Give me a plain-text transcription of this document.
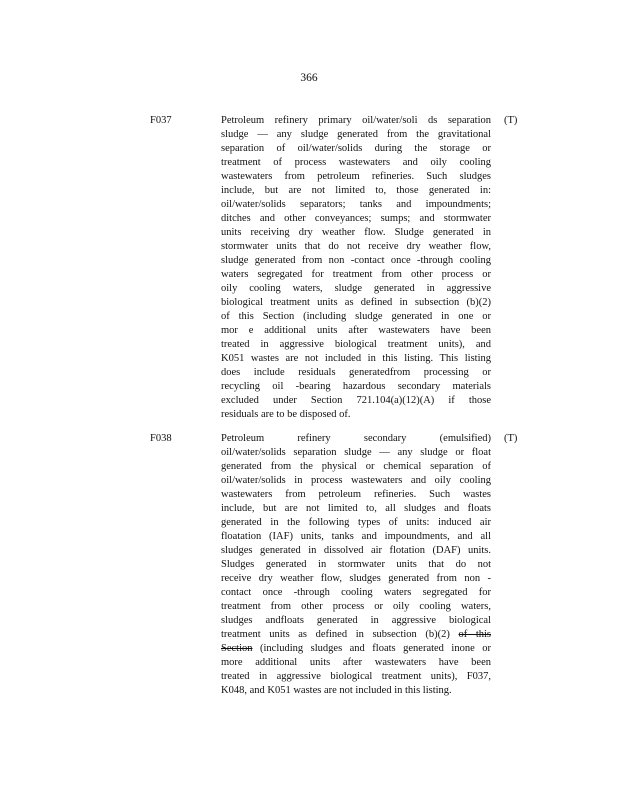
366
F037	Petroleum refinery primary oil/water/soli ds separation
sludge — any sludge generated from the gravitational
separation of oil/water/solids during the storage or
treatment of process wastewaters and oily cooling
wastewaters from petroleum refineries. Such sludges
include, but are not limited to, those generated in:
oil/water/solids separators; tanks and impoundments;
ditches and other conveyances; sumps; and stormwater
units receiving dry weather flow. Sludge generated in
stormwater units that do not receive dry weather flow,
sludge generated from non -contact once -through cooling
waters segregated for treatment from other process or
oily cooling waters, sludge generated in aggressive
biological treatment units as defined in subsection (b)(2)
of this Section (including sludge generated in one or
mor e additional units after wastewaters have been
treated in aggressive biological treatment units), and
K051 wastes are not included in this listing. This listing
does include residuals generatedfrom processing or
recycling oil -bearing hazardous secondary materials
excluded under Section 721.104(a)(12)(A) if those
residuals are to be disposed of.
(T)
F038	Petroleum refinery secondary (emulsified)
oil/water/solids separation sludge — any sludge or float
generated from the physical or chemical separation of
oil/water/solids in process wastewaters and oily cooling
wastewaters from petroleum refineries. Such wastes
include, but are not limited to, all sludges and floats
generated in the following types of units: induced air
floatation (IAF) units, tanks and impoundments, and all
sludges generated in dissolved air flotation (DAF) units.
Sludges generated in stormwater units that do not
receive dry weather flow, sludges generated from non -
contact once -through cooling waters segregated for
treatment from other process or oily cooling waters,
sludges andfloats generated in aggressive biological
treatment units as defined in subsection (b)(2) of this
Section (including sludges and floats generated inone or
more additional units after wastewaters have been
treated in aggressive biological treatment units), F037,
K048, and K051 wastes are not included in this listing.
(T)
